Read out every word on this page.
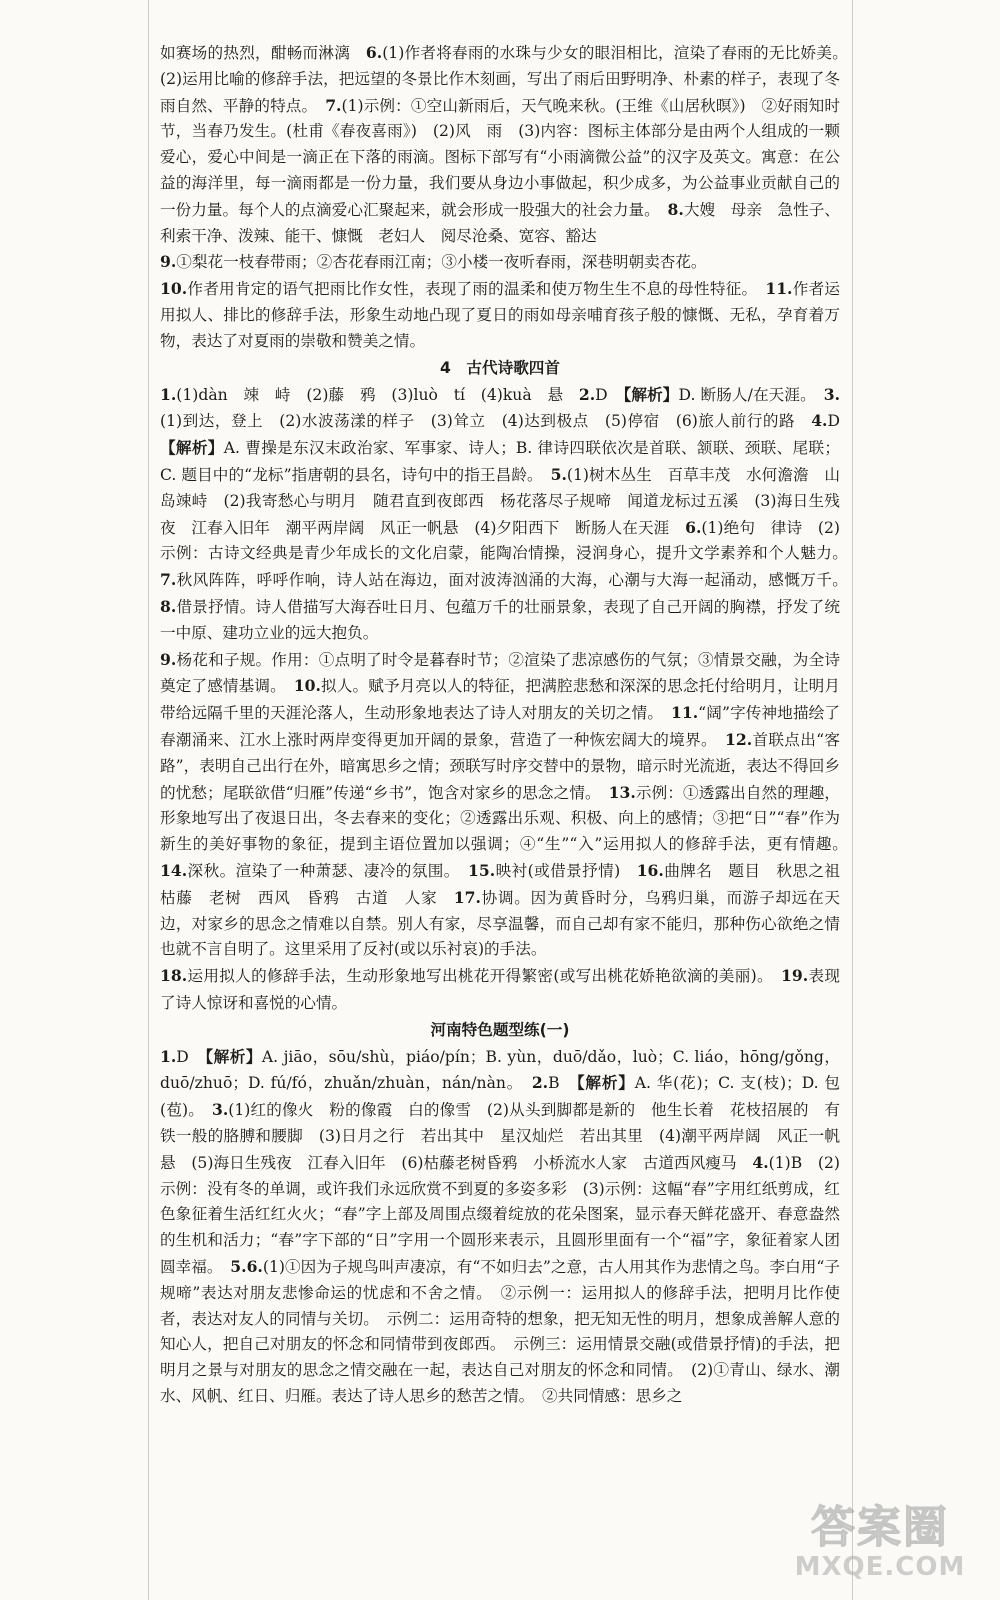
如赛场的热烈，酣畅而淋漓　6.(1)作者将春雨的水珠与少女的眼泪相比，渲染了春雨的无比娇美。　(2)运用比喻的修辞手法，把远望的冬景比作木刻画，写出了雨后田野明净、朴素的样子，表现了冬雨自然、平静的特点。　7.(1)示例：①空山新雨后，天气晚来秋。(王维《山居秋暝》)　②好雨知时节，当春乃发生。(杜甫《春夜喜雨》)　(2)风　雨　(3)内容：图标主体部分是由两个人组成的一颗爱心，爱心中间是一滴正在下落的雨滴。图标下部写有“小雨滴微公益”的汉字及英文。寓意：在公益的海洋里，每一滴雨都是一份力量，我们要从身边小事做起，积少成多，为公益事业贡献自己的一份力量。每个人的点滴爱心汇聚起来，就会形成一股强大的社会力量。　8.大嫂　母亲　急性子、利索干净、泼辣、能干、慷慨　老妇人　阅尽沧桑、宽容、豁达　
9.①梨花一枝春带雨；②杏花春雨江南；③小楼一夜听春雨，深巷明朝卖杏花。　
10.作者用肯定的语气把雨比作女性，表现了雨的温柔和使万物生生不息的母性特征。　11.作者运用拟人、排比的修辞手法，形象生动地凸现了夏日的雨如母亲哺育孩子般的慷慨、无私，孕育着万物，表达了对夏雨的崇敬和赞美之情。

4　古代诗歌四首

1.(1)dàn　竦　峙　(2)藤　鸦　(3)luò　tí　(4)kuà　悬　2.D　【解析】D. 断肠人/在天涯。　3.(1)到达，登上　(2)水波荡漾的样子　(3)耸立　(4)达到极点　(5)停宿　(6)旅人前行的路　4.D　【解析】A. 曹操是东汉末政治家、军事家、诗人；B. 律诗四联依次是首联、颔联、颈联、尾联；C. 题目中的“龙标”指唐朝的县名，诗句中的指王昌龄。　5.(1)树木丛生　百草丰茂　水何澹澹　山岛竦峙　(2)我寄愁心与明月　随君直到夜郎西　杨花落尽子规啼　闻道龙标过五溪　(3)海日生残夜　江春入旧年　潮平两岸阔　风正一帆悬　(4)夕阳西下　断肠人在天涯　6.(1)绝句　律诗　(2)示例：古诗文经典是青少年成长的文化启蒙，能陶冶情操，浸润身心，提升文学素养和个人魅力。　7.秋风阵阵，呼呼作响，诗人站在海边，面对波涛汹涌的大海，心潮与大海一起涌动，感慨万千。　8.借景抒情。诗人借描写大海吞吐日月、包蕴万千的壮丽景象，表现了自己开阔的胸襟，抒发了统一中原、建功立业的远大抱负。　
9.杨花和子规。作用：①点明了时令是暮春时节；②渲染了悲凉感伤的气氛；③情景交融，为全诗奠定了感情基调。　10.拟人。赋予月亮以人的特征，把满腔悲愁和深深的思念托付给明月，让明月带给远隔千里的天涯沦落人，生动形象地表达了诗人对朋友的关切之情。　11.“阔”字传神地描绘了春潮涌来、江水上涨时两岸变得更加开阔的景象，营造了一种恢宏阔大的境界。　12.首联点出“客路”，表明自己出行在外，暗寓思乡之情；颈联写时序交替中的景物，暗示时光流逝，表达不得回乡的忧愁；尾联欲借“归雁”传递“乡书”，饱含对家乡的思念之情。　13.示例：①透露出自然的理趣，形象地写出了夜退日出，冬去春来的变化；②透露出乐观、积极、向上的感情；③把“日”“春”作为新生的美好事物的象征，提到主语位置加以强调；④“生”“入”运用拟人的修辞手法，更有情趣。　14.深秋。渲染了一种萧瑟、凄冷的氛围。　15.映衬(或借景抒情)　16.曲牌名　题目　秋思之祖　枯藤　老树　西风　昏鸦　古道　人家　17.协调。因为黄昏时分，乌鸦归巢，而游子却远在天边，对家乡的思念之情难以自禁。别人有家，尽享温馨，而自己却有家不能归，那种伤心欲绝之情也就不言自明了。这里采用了反衬(或以乐衬哀)的手法。　
18.运用拟人的修辞手法，生动形象地写出桃花开得繁密(或写出桃花娇艳欲滴的美丽)。　19.表现了诗人惊讶和喜悦的心情。

河南特色题型练(一)

1.D　【解析】A. jiāo，sōu/shù，piáo/pín；B. yùn，duō/dǎo，luò；C. liáo，hōng/gǒng，duō/zhuō；D. fú/fó，zhuǎn/zhuàn，nán/nàn。　2.B　【解析】A. 华(花)；C. 支(枝)；D. 包(苞)。　3.(1)红的像火　粉的像霞　白的像雪　(2)从头到脚都是新的　他生长着　花枝招展的　有铁一般的胳膊和腰脚　(3)日月之行　若出其中　星汉灿烂　若出其里　(4)潮平两岸阔　风正一帆悬　(5)海日生残夜　江春入旧年　(6)枯藤老树昏鸦　小桥流水人家　古道西风瘦马　4.(1)B　(2)示例：没有冬的单调，或许我们永远欣赏不到夏的多姿多彩　(3)示例：这幅“春”字用红纸剪成，红色象征着生活红红火火；“春”字上部及周围点缀着绽放的花朵图案，显示春天鲜花盛开、春意盎然的生机和活力；“春”字下部的“日”字用一个圆形来表示，且圆形里面有一个“福”字，象征着家人团圆幸福。　5.6.(1)①因为子规鸟叫声凄凉，有“不如归去”之意，古人用其作为悲情之鸟。李白用“子规啼”表达对朋友悲惨命运的忧虑和不舍之情。　②示例一：运用拟人的修辞手法，把明月比作使者，表达对友人的同情与关切。　示例二：运用奇特的想象，把无知无性的明月，想象成善解人意的知心人，把自己对朋友的怀念和同情带到夜郎西。　示例三：运用情景交融(或借景抒情)的手法，把明月之景与对朋友的思念之情交融在一起，表达自己对朋友的怀念和同情。　(2)①青山、绿水、潮水、风帆、红日、归雁。表达了诗人思乡的愁苦之情。　②共同情感：思乡之

答案圈
MXQE.COM
